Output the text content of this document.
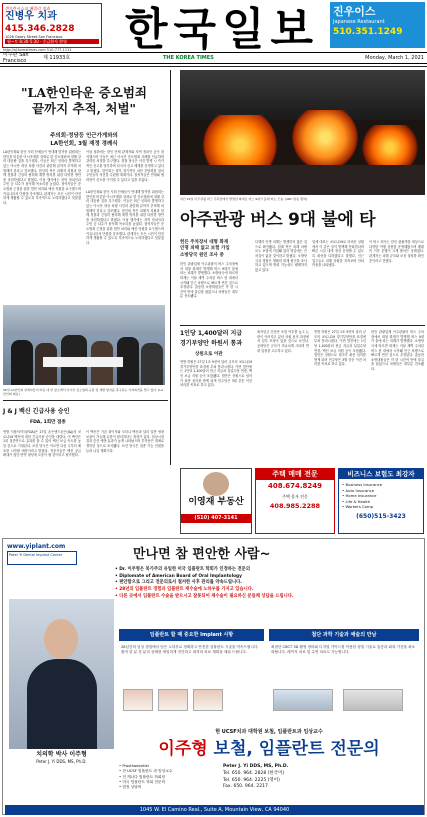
샌프란시스코 패밀리 치과
진병우 치과
415.346.2828
1026 Geary Street San Francisco
월~토 8:30-5:30 · 응급환자 환영	한국일보	진우이스
Japanese Restaurant
510.351.1249
http://sf.koreatimes.com 510-777-1111
미주판 San Francisco
제 11933호	THE KOREA TIMES	Monday, March 1, 2021
"LA한인타운 증오범죄
끝까지 추적, 처벌"
주의회·정당등 인근가게와의
LA한인회, 3월 재정 경례식
LA한인회와 한인 사회 단체들이 연대해 발족한 위원회는 한인을 비롯한 아시아계를 상대로 한 증오범죄에 대해 강력 대응할 것을 촉구했다. 이들은 최근 잇따라 발생하고 있는 아시안 대상 폭행 사건과 관련해 끝까지 추적해 처벌해야 한다고 강조했다. 한인회 측은 피해자 지원과 함께 경찰과 긴밀히 협력해 재발 방지를 위한 다양한 방안을 마련하겠다고 밝혔다. 이날 행사에는 지역 정치인과 주민 등 다수가 참석해 목소리를 높였다. 참석자들은 증오범죄 근절을 위한 법안 처리와 예산 지원을 요구했으며 커뮤니티의 단합을 강조했다. 관계자는 모든 시민이 안전하게 생활할 수 있도록 지속적으로 노력하겠다고 덧붙였다.
이날 집회에는 한인 단체 관계자와 지역 정치인 등이 참석했으며 이들은 최근 아시안 증오범죄 사례를 언급하며 강력한 처벌을 촉구했다. 경찰 당국은 사건 발생 시 즉각적인 신고를 당부하며 다국어 신고 체계를 운영하고 있다고 밝혔다. 한인회는 향후 정기적인 치안 간담회를 열어 주민들의 의견을 수렴할 계획이다. 참석자들은 연대와 협력만이 증오를 이겨낼 수 있다고 입을 모았다.
LA한인회와 한인 사회 단체들이 연대해 발족한 위원회는 한인을 비롯한 아시아계를 상대로 한 증오범죄에 대해 강력 대응할 것을 촉구했다. 이들은 최근 잇따라 발생하고 있는 아시안 대상 폭행 사건과 관련해 끝까지 추적해 처벌해야 한다고 강조했다. 한인회 측은 피해자 지원과 함께 경찰과 긴밀히 협력해 재발 방지를 위한 다양한 방안을 마련하겠다고 밝혔다. 이날 행사에는 지역 정치인과 주민 등 다수가 참석해 목소리를 높였다. 참석자들은 증오범죄 근절을 위한 법안 처리와 예산 지원을 요구했으며 커뮤니티의 단합을 강조했다. 관계자는 모든 시민이 안전하게 생활할 수 있도록 지속적으로 노력하겠다고 덧붙였다.
26일 LA한인회 관계자들이 타운 내 한 장소에서 아시안 증오범죄 규탄 및 재발 방지를 촉구하는 기자회견을 열고 있다. [LA한인회 제공]
지난 22일 아주관광 버스 주차장에서 발생한 화재로 버스 9대가 불에 타는 모습. [ABC 방송 캡처]
아주관광 버스 9대 불에 타
헌든 주차장서 대형 화재
인명 피해 없고 보험 가입
소방당국 원인 조사 중
한인 관광업체 아주관광의 버스 주차장에서 대형 화재가 발생해 버스 9대가 불에 타는 피해가 발생했다. 소방당국에 따르면 화재는 이날 새벽 주차된 버스 한 대에서 시작돼 인근 차량으로 빠르게 번진 것으로 추정된다. 출동한 소방대원들은 약 한 시간여 만에 불길을 잡았으나 차량들은 대부분 전소됐다.
다행히 인명 피해는 발생하지 않은 것으로 확인됐다. 업체 측은 피해 차량 모두 보험에 가입돼 있어 영업에는 큰 차질이 없을 것이라고 밝혔다. 소방당국과 경찰은 정확한 화재 원인을 조사하고 있으며 방화 가능성도 배제하지 않고 있다.
업체 대표는 코로나19로 어려운 상황에서 이 같은 일이 발생해 안타깝다며 빠른 시일 내에 정상 운영할 수 있도록 최선을 다하겠다고 말했다. 인근 업주들도 피해 상황을 지켜보며 안타까움을 나타냈다.
이 버스 회사는 한인 관광객을 대상으로 다양한 여행 상품을 운영해왔으며 팬데믹 이후 운행이 크게 줄어든 상태였다. 관계자는 피해 규모와 보상 절차를 확인 중이라고 전했다.
1인당 1,400달러 지급
경기부양안 하원서 통과
상원으로 이관
연방 하원은 27일 1조 9천억 달러 규모의 코로나19 경기부양안을 표결에 부쳐 통과시켰다. 이번 법안에는 1인당 1,400달러 현금 지급과 실업수당 연장, 백신 보급 지원 등이 포함됐다. 법안은 상원으로 넘어가 최종 심의를 받게 되며 민주당은 3월 중순 이전 처리를 목표로 하고 있다.
최저임금 인상안 포함 여부를 놓고 논란이 이어지고 있어 상원 심의 과정에서 일부 조정이 있을 것으로 보인다. 공화당은 규모가 지나치게 크다며 반대 입장을 고수하고 있다.
연방 하원은 27일 1조 9천억 달러 규모의 코로나19 경기부양안을 표결에 부쳐 통과시켰다. 이번 법안에는 1인당 1,400달러 현금 지급과 실업수당 연장, 백신 보급 지원 등이 포함됐다. 법안은 상원으로 넘어가 최종 심의를 받게 되며 민주당은 3월 중순 이전 처리를 목표로 하고 있다.
한인 관광업체 아주관광의 버스 주차장에서 대형 화재가 발생해 버스 9대가 불에 타는 피해가 발생했다. 소방당국에 따르면 화재는 이날 새벽 주차된 버스 한 대에서 시작돼 인근 차량으로 빠르게 번진 것으로 추정된다. 출동한 소방대원들은 약 한 시간여 만에 불길을 잡았으나 차량들은 대부분 전소됐다.
J & J 백신 긴급사용 승인
FDA, 1회만 접종
연방 식품의약국(FDA)은 27일 존슨앤드존슨(J&J)의 코로나19 백신에 대한 긴급사용 승인을 내렸다. 이 백신은 1회 접종만으로 효과를 볼 수 있어 백신 보급 속도를 높일 것으로 기대된다. 보건 당국은 이르면 다음 주부터 배포를 시작할 예정이라고 밝혔다. 전문가들은 백신 공급 확대가 집단 면역 형성에 도움이 될 것이라고 평가했다.
이 백신은 기존 화이자와 모더나 백신과 달리 일반 냉장 보관이 가능해 유통이 편리하다는 장점이 있다. 임상시험 결과 중증 예방 효과가 높게 나타났으며 부작용은 대체로 경미한 것으로 조사됐다. 보건 당국은 접종 가능 인원을 늘려 나갈 계획이다.
이영재 부동산
(510) 407-3141
주택 매매 전문
408.674.8249
주택 융자 전문
408.985.2288
비즈니스 보험도 최강자
• Business Insurance
• Auto Insurance
• Home Insurance
• Life & Health
• Workers Comp
(650)515-3423
www.yiplant.com
Peter Yi Dental Implant Center	만나면 참 편안한 사람~
• Dr. 이주형은 북가주의 유일한 미국 임플란트 학회가 인정하는 전문의
• Diplomate of American Board of Oral Implantology
• 편안함으로 그리고 전문의로서 철저한 사후 관리를 약속드립니다.
• 28년의 임플란트 경험과 임플란트 재수술에 노하우를 가지고 있습니다.
• 다른 곳에서 임플란트 수술을 받으시고 잘못되어 재수술이 필요하신 분들께 상담을 드립니다.
임플란트 할 때 중요한 Implant 사항	첨단 과학 기술과 예술의 만남
28년간의 임상 경험에서 얻은 노하우로 정확하고 안전한 임플란트 시술을 약속드립니다. 환자 한 분 한 분의 상태를 세밀하게 진단하고 최적의 치료 계획을 세워 드립니다.
최첨단 CBCT 3D 촬영 장비와 디지털 가이드를 이용한 정밀 시술로 통증과 회복 기간을 최소화합니다. 레이저 치료 및 수면 치료도 가능합니다.
현 UCSF치과 대학원 보철, 임플란트과 임상교수
이주형 보철, 임플란트 전문의
치의학 박사 이주형
Peter J. Yi DDS, MS, Ph.D.
• Prosthodontist
• 현 UCSF 임플란트 과 임상교수
• 전 캐나다 임플란트 학회장
• 미국 임플란트 학회 전문의
• 법정 상담의
Peter J. Yi DDS, MS, Ph.D.
Tel. 650. 964. 2828 (한국어)
Tel. 650. 964. 2225 (영어)
Fax. 650. 964. 2217
1045 W. El Camino Real., Suite A, Mountain View, CA 94040
